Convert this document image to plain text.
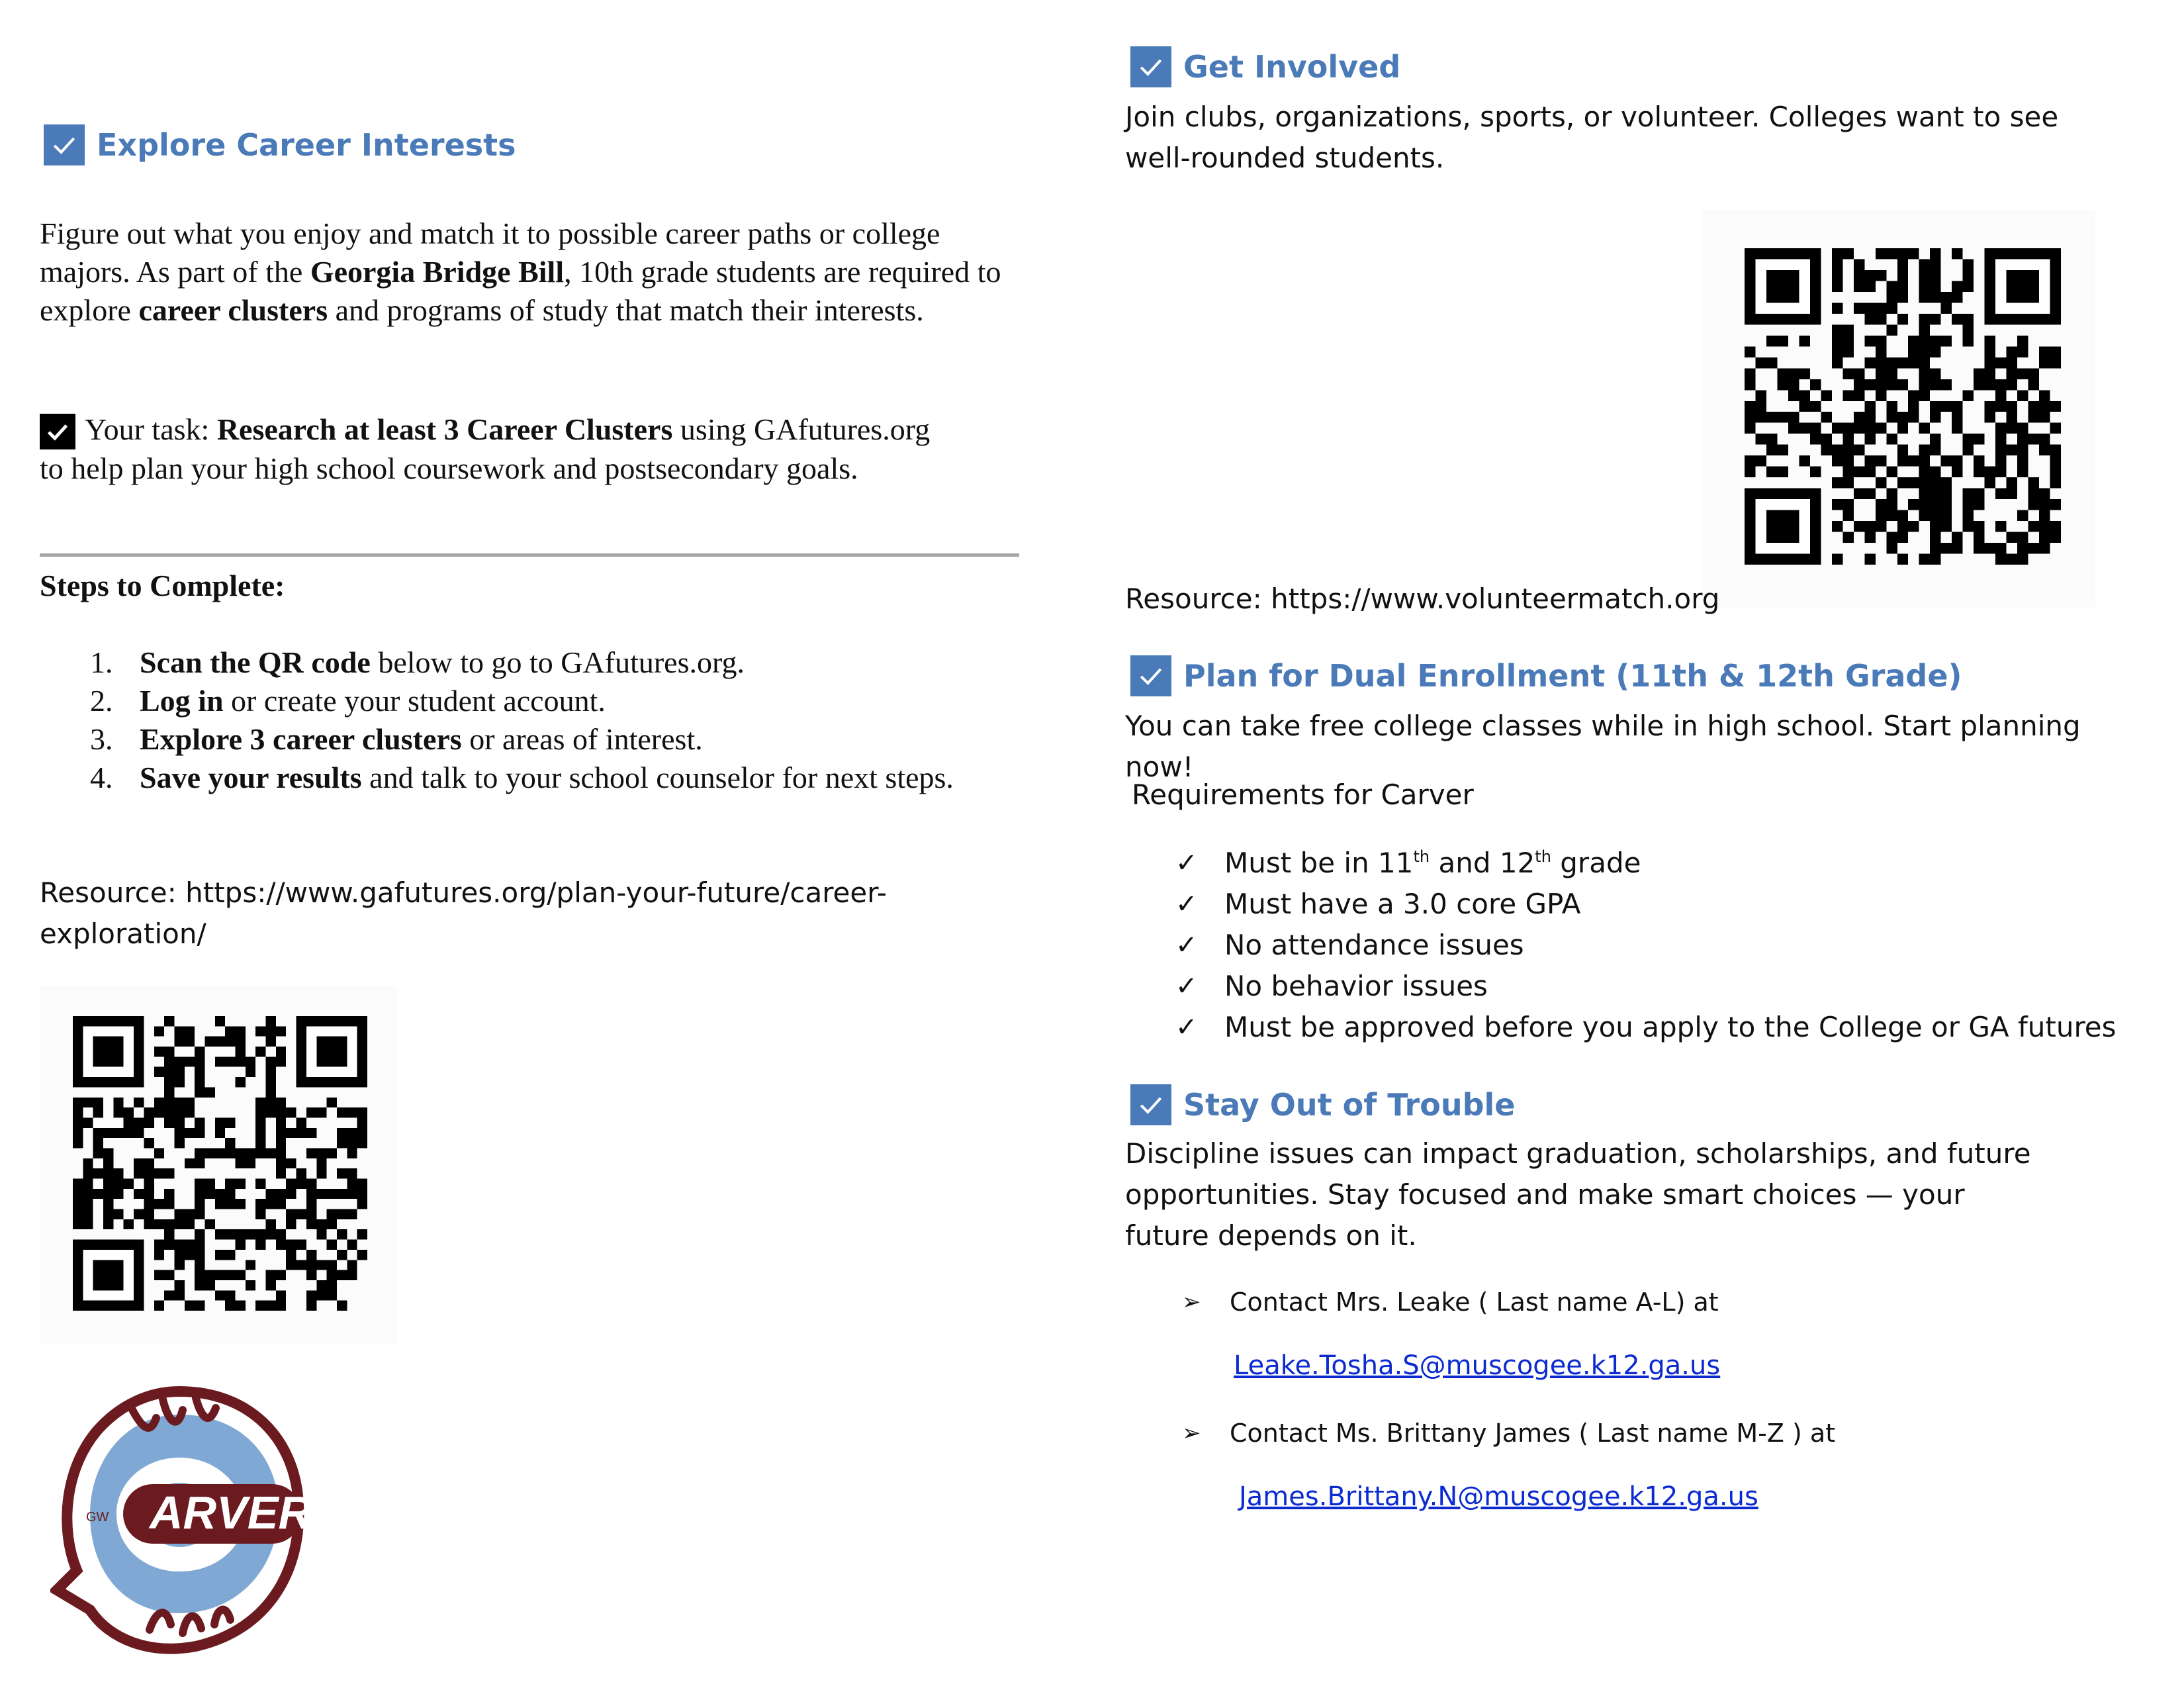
Explore Career Interests
Figure out what you enjoy and match it to possible career paths or college majors. As part of the Georgia Bridge Bill, 10th grade students are required to explore career clusters and programs of study that match their interests.
Your task: Research at least 3 Career Clusters using GAfutures.org to help plan your high school coursework and postsecondary goals.
Steps to Complete:
1. Scan the QR code below to go to GAfutures.org.
2. Log in or create your student account.
3. Explore 3 career clusters or areas of interest.
4. Save your results and talk to your school counselor for next steps.
Resource: https://www.gafutures.org/plan-your-future/career-exploration/
ARVER
GW
Get Involved
Join clubs, organizations, sports, or volunteer. Colleges want to see well-rounded students.
Resource: https://www.volunteermatch.org
Plan for Dual Enrollment (11th & 12th Grade)
You can take free college classes while in high school. Start planning now!
Requirements for Carver
✓ Must be in 11th and 12th grade
✓ Must have a 3.0 core GPA
✓ No attendance issues
✓ No behavior issues
✓ Must be approved before you apply to the College or GA futures
Stay Out of Trouble
Discipline issues can impact graduation, scholarships, and future opportunities. Stay focused and make smart choices — your future depends on it.
➢	Contact Mrs. Leake ( Last name A-L) at
Leake.Tosha.S@muscogee.k12.ga.us
➢	Contact Ms. Brittany James ( Last name M-Z ) at
James.Brittany.N@muscogee.k12.ga.us
